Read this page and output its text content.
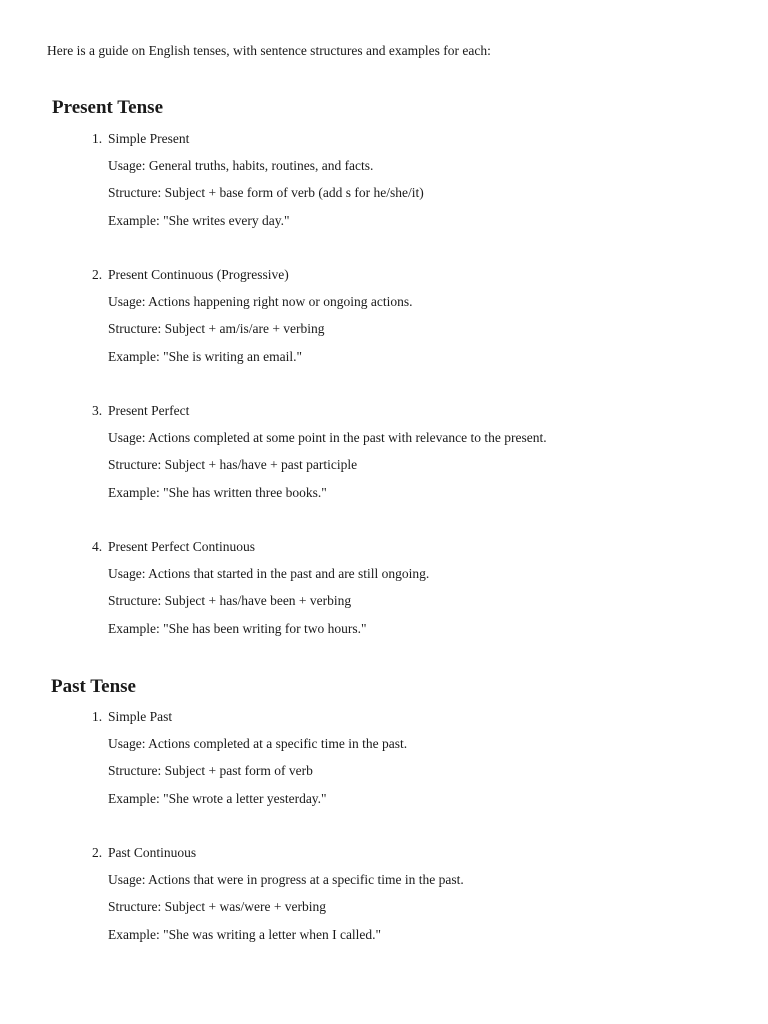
Here is a guide on English tenses, with sentence structures and examples for each:

Present Tense

1. Simple Present

Usage: General truths, habits, routines, and facts.

Structure: Subject + base form of verb (add s for he/she/it)

Example: "She writes every day."

2. Present Continuous (Progressive)

Usage: Actions happening right now or ongoing actions.

Structure: Subject + am/is/are + verbing

Example: "She is writing an email."

3. Present Perfect

Usage: Actions completed at some point in the past with relevance to the present.

Structure: Subject + has/have + past participle

Example: "She has written three books."

4. Present Perfect Continuous

Usage: Actions that started in the past and are still ongoing.

Structure: Subject + has/have been + verbing

Example: "She has been writing for two hours."

Past Tense

1. Simple Past

Usage: Actions completed at a specific time in the past.

Structure: Subject + past form of verb

Example: "She wrote a letter yesterday."

2. Past Continuous

Usage: Actions that were in progress at a specific time in the past.

Structure: Subject + was/were + verbing

Example: "She was writing a letter when I called."
